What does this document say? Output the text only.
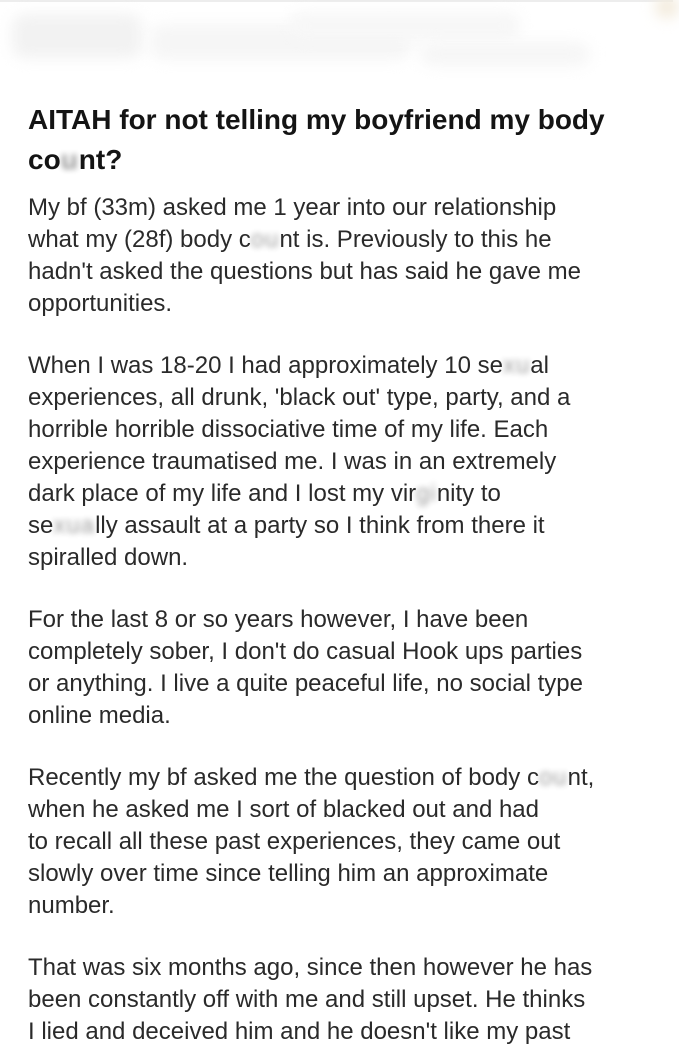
AITAH for not telling my boyfriend my body
count?
My bf (33m) asked me 1 year into our relationship
what my (28f) body count is. Previously to this he
hadn't asked the questions but has said he gave me
opportunities.
When I was 18-20 I had approximately 10 sexual
experiences, all drunk, 'black out' type, party, and a
horrible horrible dissociative time of my life. Each
experience traumatised me. I was in an extremely
dark place of my life and I lost my virginity to
sexually assault at a party so I think from there it
spiralled down.
For the last 8 or so years however, I have been
completely sober, I don't do casual Hook ups parties
or anything. I live a quite peaceful life, no social type
online media.
Recently my bf asked me the question of body count,
when he asked me I sort of blacked out and had
to recall all these past experiences, they came out
slowly over time since telling him an approximate
number.
That was six months ago, since then however he has
been constantly off with me and still upset. He thinks
I lied and deceived him and he doesn't like my past
